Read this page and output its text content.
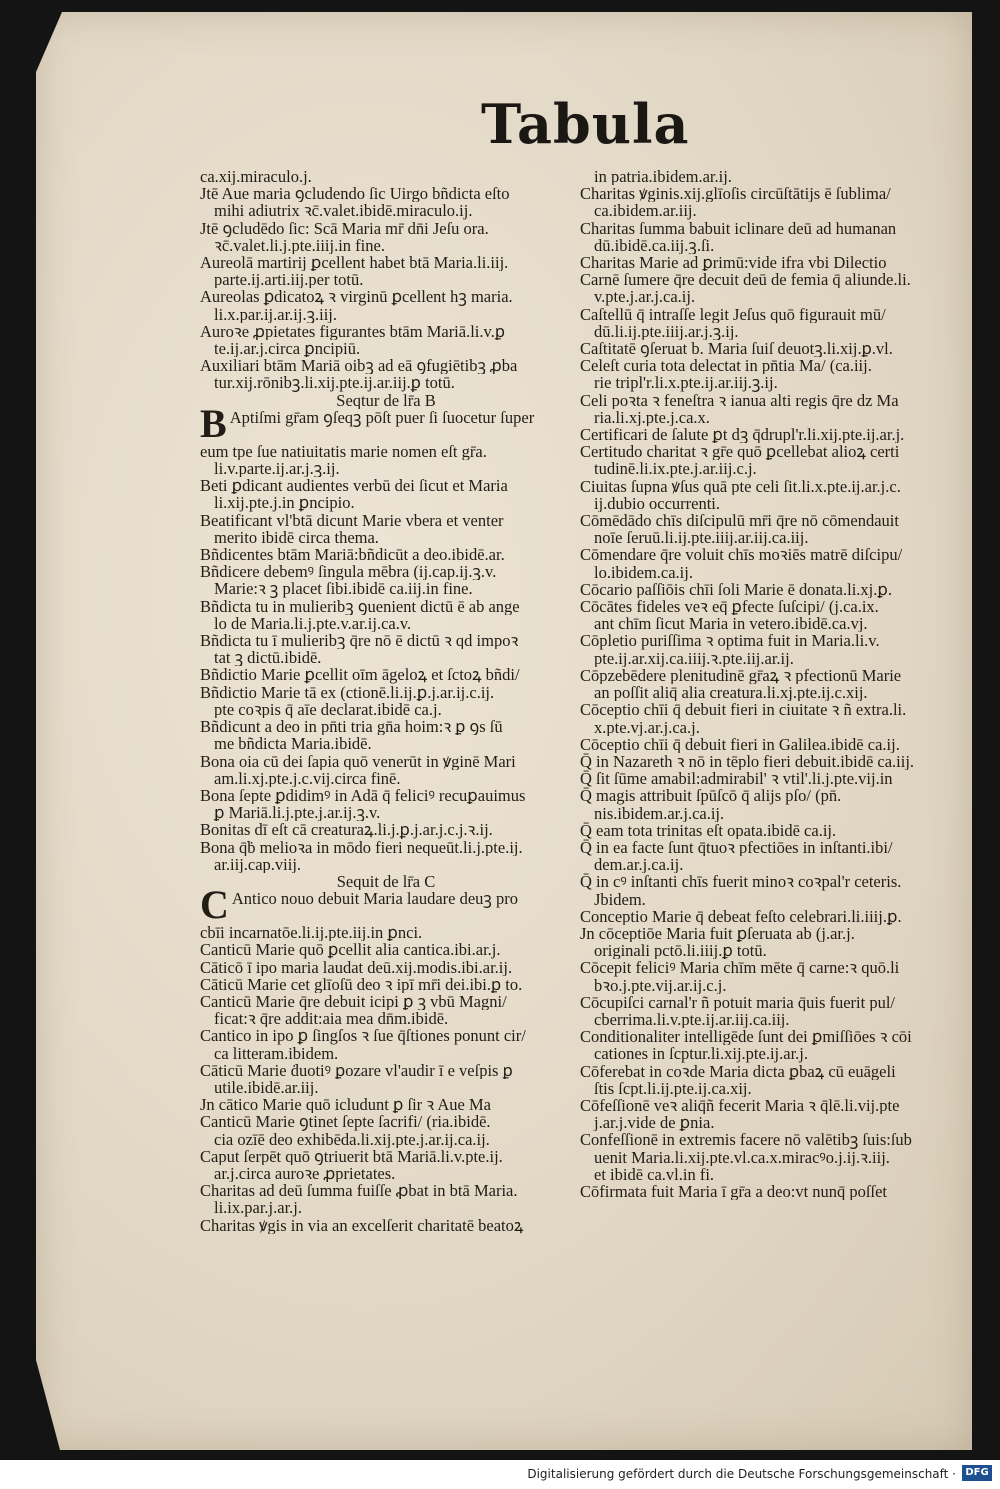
Tabula
ca.xij.miraculo.j.
Jtē Aue maria ꝯcludendo ſic Uirgo bñdicta eſto
mihi adiutrix ꝛc̄.valet.ibidē.miraculo.ij.
Jtē ꝯcludēdo ſic: Scā Maria mr̄ dn̄i Jeſu ora.
ꝛc̄.valet.li.j.pte.iiij.in fine.
Aureolā martirij ꝑcellent habet btā Maria.li.iij.
parte.ij.arti.iij.per totū.
Aureolas ꝑdicatoꝝ ꝛ virginū ꝑcellent hꝫ maria.
li.x.par.ij.ar.ij.ꝫ.iij.
Auroꝛe ꝓpietates figurantes btām Mariā.li.v.ꝑ
te.ij.ar.j.circa ꝑncipiū.
Auxiliari btām Mariā oibꝫ ad eā ꝯfugiētibꝫ ꝓba
tur.xij.rōnibꝫ.li.xij.pte.ij.ar.iij.ꝑ totū.
Seqtur de lr̄a B
B Aptiſmi gr̄am ꝯſeqꝫ pōſt puer ſi ſuocetur ſuper
eum tpe ſue natiuitatis marie nomen eſt gr̄a.
li.v.parte.ij.ar.j.ꝫ.ij.
Beti ꝑdicant audientes verbū dei ſicut et Maria
li.xij.pte.j.in ꝑncipio.
Beatificant vl'btā dicunt Marie vbera et venter
merito ibidē circa thema.
Bñdicentes btām Mariā:bñdicūt a deo.ibidē.ar.
Bñdicere debemꝰ ſingula mēbra (ij.cap.ij.ꝫ.v.
Marie:ꝛ ꝫ placet ſibi.ibidē ca.iij.in fine.
Bñdicta tu in mulieribꝫ ꝯuenient dictū ē ab ange
lo de Maria.li.j.pte.v.ar.ij.ca.v.
Bñdicta tu ī mulieribꝫ q̄re nō ē dictū ꝛ qd impoꝛ
tat ꝫ dictū.ibidē.
Bñdictio Marie ꝑcellit oīm āgeloꝝ et ſctoꝝ bñdi/
Bñdictio Marie tā ex (ctionē.li.ij.ꝑ.j.ar.ij.c.ij.
pte coꝛpis q̄ aīe declarat.ibidē ca.j.
Bñdicunt a deo in pn̄ti tria gn̄a hoim:ꝛ ꝑ ꝯs ſū
me bñdicta Maria.ibidē.
Bona oia cū dei ſapia quō venerūt in ꝟginē Mari
am.li.xj.pte.j.c.vij.circa finē.
Bona ſepte ꝑdidimꝰ in Adā q̄ feliciꝰ recuꝑauimus
ꝑ Mariā.li.j.pte.j.ar.ij.ꝫ.v.
Bonitas dī eſt cā creaturaꝝ.li.j.ꝑ.j.ar.j.c.j.ꝛ.ij.
Bona q̄ḃ melioꝛa in mōdo fieri nequeūt.li.j.pte.ij.
ar.iij.cap.viij.
Sequit de lr̄a C
C Antico nouo debuit Maria laudare deuꝫ pro
cbīi incarnatōe.li.ij.pte.iij.in ꝑnci.
Canticū Marie quō ꝑcellit alia cantica.ibi.ar.j.
Cāticō ī ipo maria laudat deū.xij.modis.ibi.ar.ij.
Cāticū Marie cet glīoſū deo ꝛ ipī mr̄i dei.ibi.ꝑ to.
Canticū Marie q̄re debuit icipi ꝑ ꝫ vbū Magni/
ficat:ꝛ q̄re addit:aia mea dn̄m.ibidē.
Cantico in ipo ꝑ ſingſos ꝛ ſue q̄ſtiones ponunt cir/
ca litteram.ibidem.
Cāticū Marie ḋuotiꝰ ꝑozare vl'audir ī e veſpis ꝑ
utile.ibidē.ar.iij.
Jn cātico Marie quō icludunt ꝑ ſir ꝛ Aue Ma
Canticū Marie ꝯtinet ſepte ſacrifi/ (ria.ibidē.
cia ozīē deo exhibēda.li.xij.pte.j.ar.ij.ca.ij.
Caput ſerpēt quō ꝯtriuerit btā Mariā.li.v.pte.ij.
ar.j.circa auroꝛe ꝓprietates.
Charitas ad deū ſumma fuiſſe ꝓbat in btā Maria.
li.ix.par.j.ar.j.
Charitas ꝟgis in via an excelſerit charitatē beatoꝝ
in patria.ibidem.ar.ij.
Charitas ꝟginis.xij.glīoſis circūſtātijs ē ſublima/
ca.ibidem.ar.iij.
Charitas ſumma babuit iclinare deū ad humanan
dū.ibidē.ca.iij.ꝫ.ſi.
Charitas Marie ad ꝑrimū:vide ifra vbi Dilectio
Carnē ſumere q̄re decuit deū de femia q̄ aliunde.li.
v.pte.j.ar.j.ca.ij.
Caſtellū q̄ intraſſe legit Jeſus quō figurauit mū/
dū.li.ij.pte.iiij.ar.j.ꝫ.ij.
Caſtitatē ꝯſeruat b. Maria ſuiſ deuotꝫ.li.xij.ꝑ.vl.
Celeſt curia tota delectat in pn̄tia Ma/ (ca.iij.
rie tripl'r.li.x.pte.ij.ar.iij.ꝫ.ij.
Celi poꝛta ꝛ feneſtra ꝛ ianua alti regis q̄re dz Ma
ria.li.xj.pte.j.ca.x.
Certificari de ſalute ꝑt dꝫ q̄drupl'r.li.xij.pte.ij.ar.j.
Certitudo charitat ꝛ gr̄e quō ꝑcellebat alioꝝ certi
tudinē.li.ix.pte.j.ar.iij.c.j.
Ciuitas ſupna ꝟſus quā pte celi ſit.li.x.pte.ij.ar.j.c.
ij.dubio occurrenti.
Cōmēdādo chīs diſcipulū mr̄i q̄re nō cōmendauit
noīe ſeruū.li.ij.pte.iiij.ar.iij.ca.iij.
Cōmendare q̄re voluit chīs moꝛiēs matrē diſcipu/
lo.ibidem.ca.ij.
Cōcario paſſiōis chīi ſoli Marie ē donata.li.xj.ꝑ.
Cōcātes fideles veꝛ eq̄ ꝑfecte ſuſcipi/ (j.ca.ix.
ant chīm ſicut Maria in vetero.ibidē.ca.vj.
Cōpletio puriſſima ꝛ optima fuit in Maria.li.v.
pte.ij.ar.xij.ca.iiij.ꝛ.pte.iij.ar.ij.
Cōpzebēdere plenitudinē gr̄aꝝ ꝛ pfectionū Marie
an poſſit aliq̄ alia creatura.li.xj.pte.ij.c.xij.
Cōceptio chīi q̄ debuit fieri in ciuitate ꝛ ñ extra.li.
x.pte.vj.ar.j.ca.j.
Cōceptio chīi q̄ debuit fieri in Galilea.ibidē ca.ij.
Q̄ in Nazareth ꝛ nō in tēplo fieri debuit.ibidē ca.iij.
Q̄ ſit ſūme amabil:admirabil' ꝛ vtil'.li.j.pte.vij.in
Q̄ magis attribuit ſpūſcō q̄ alijs pſo/ (pn̄.
nis.ibidem.ar.j.ca.ij.
Q̄ eam tota trinitas eſt opata.ibidē ca.ij.
Q̄ in ea facte ſunt q̄tuoꝛ pfectiōes in inſtanti.ibi/
dem.ar.j.ca.ij.
Q̄ in cꝰ inſtanti chīs fuerit minoꝛ coꝛpal'r ceteris.
Jbidem.
Conceptio Marie q̄ debeat feſto celebrari.li.iiij.ꝑ.
Jn cōceptiōe Maria fuit ꝑſeruata ab (j.ar.j.
originali pctō.li.iiij.ꝑ totū.
Cōcepit feliciꝰ Maria chīm mēte q̄ carne:ꝛ quō.li
bꝛo.j.pte.vij.ar.ij.c.j.
Cōcupiſci carnal'r ñ potuit maria q̄uis fuerit pul/
cberrima.li.v.pte.ij.ar.iij.ca.iij.
Conditionaliter intelligēde ſunt dei ꝑmiſſiōes ꝛ cōi
cationes in ſcptur.li.xij.pte.ij.ar.j.
Cōferebat in coꝛde Maria dicta ꝑbaꝝ cū euāgeli
ſtis ſcpt.li.ij.pte.ij.ca.xij.
Cōfeſſionē veꝛ aliq̄ñ fecerit Maria ꝛ q̄lē.li.vij.pte
j.ar.j.vide de ꝑnia.
Confeſſionē in extremis facere nō valētibꝫ ſuis:ſub
uenit Maria.li.xij.pte.vl.ca.x.miracꝰo.j.ij.ꝛ.iij.
et ibidē ca.vl.in fi.
Cōfirmata fuit Maria ī gr̄a a deo:vt nunq̄ poſſet
Digitalisierung gefördert durch die Deutsche Forschungsgemeinschaft · DFG
